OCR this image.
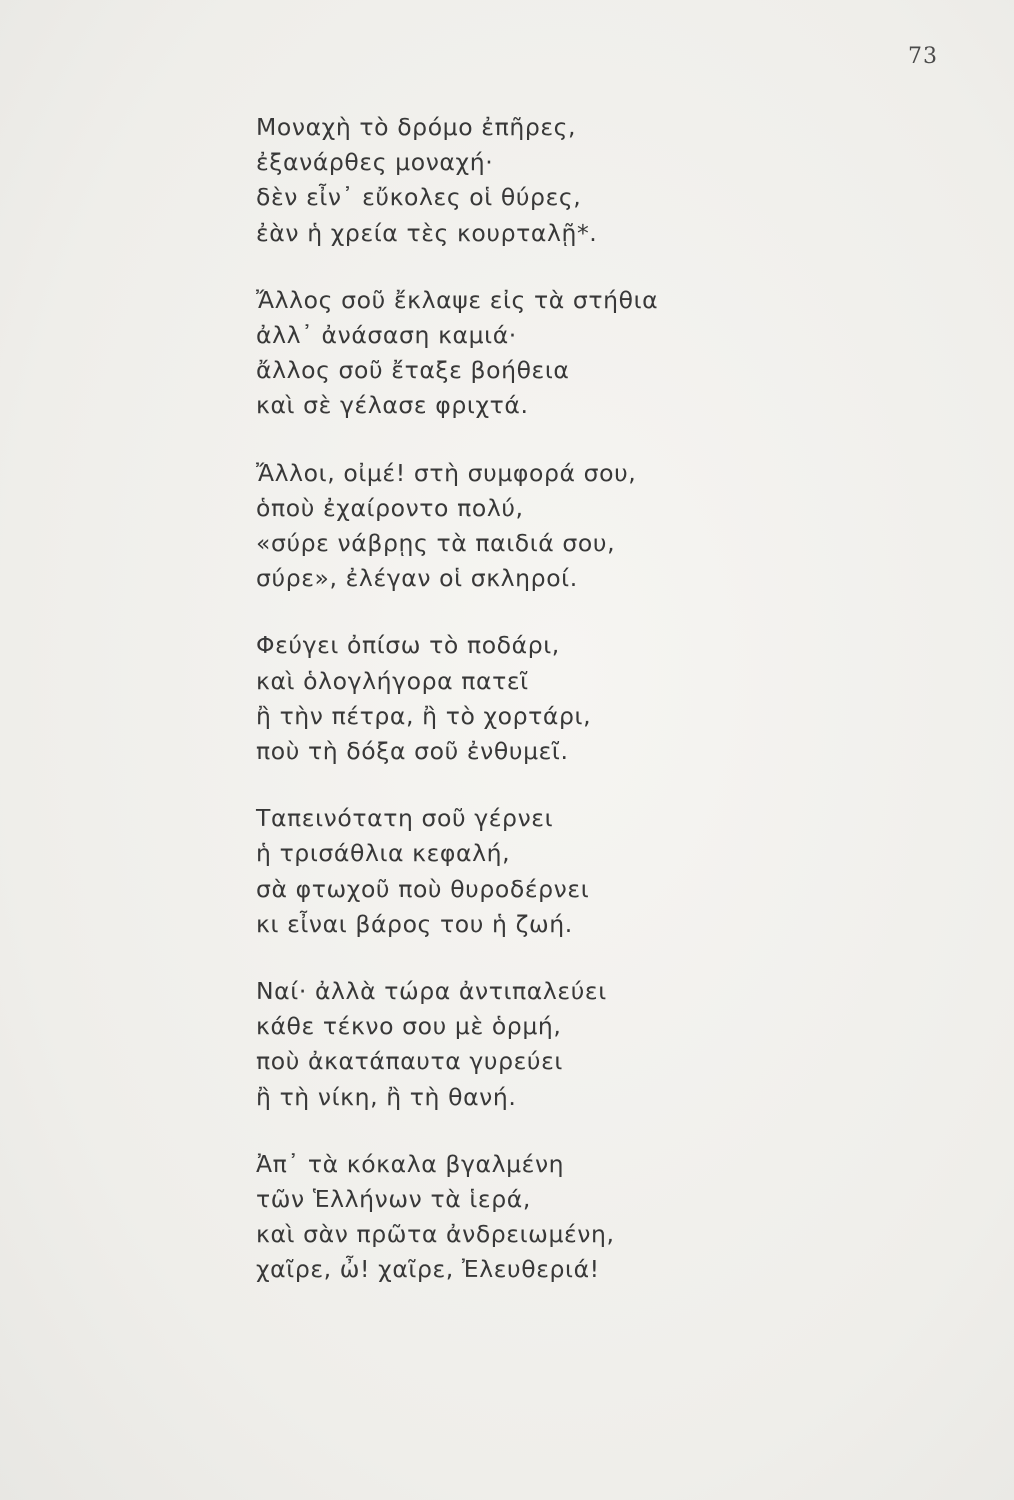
73
Μοναχὴ τὸ δρόμο ἐπῆρες,
ἐξανάρθες μοναχή·
δὲν εἶν᾽ εὔκολες οἱ θύρες,
ἐὰν ἡ χρεία τὲς κουρταλῇ*.
Ἄλλος σοῦ ἔκλαψε εἰς τὰ στήθια
ἀλλ᾽ ἀνάσαση καμιά·
ἄλλος σοῦ ἔταξε βοήθεια
καὶ σὲ γέλασε φριχτά.
Ἄλλοι, οἰμέ! στὴ συμφορά σου,
ὁποὺ ἐχαίροντο πολύ,
«σύρε νάβρῃς τὰ παιδιά σου,
σύρε», ἐλέγαν οἱ σκληροί.
Φεύγει ὀπίσω τὸ ποδάρι,
καὶ ὁλογλήγορα πατεῖ
ἢ τὴν πέτρα, ἢ τὸ χορτάρι,
ποὺ τὴ δόξα σοῦ ἐνθυμεῖ.
Ταπεινότατη σοῦ γέρνει
ἡ τρισάθλια κεφαλή,
σὰ φτωχοῦ ποὺ θυροδέρνει
κι εἶναι βάρος του ἡ ζωή.
Ναί· ἀλλὰ τώρα ἀντιπαλεύει
κάθε τέκνο σου μὲ ὁρμή,
ποὺ ἀκατάπαυτα γυρεύει
ἢ τὴ νίκη, ἢ τὴ θανή.
Ἀπ᾽ τὰ κόκαλα βγαλμένη
τῶν Ἑλλήνων τὰ ἱερά,
καὶ σὰν πρῶτα ἀνδρειωμένη,
χαῖρε, ὦ! χαῖρε, Ἐλευθεριά!
